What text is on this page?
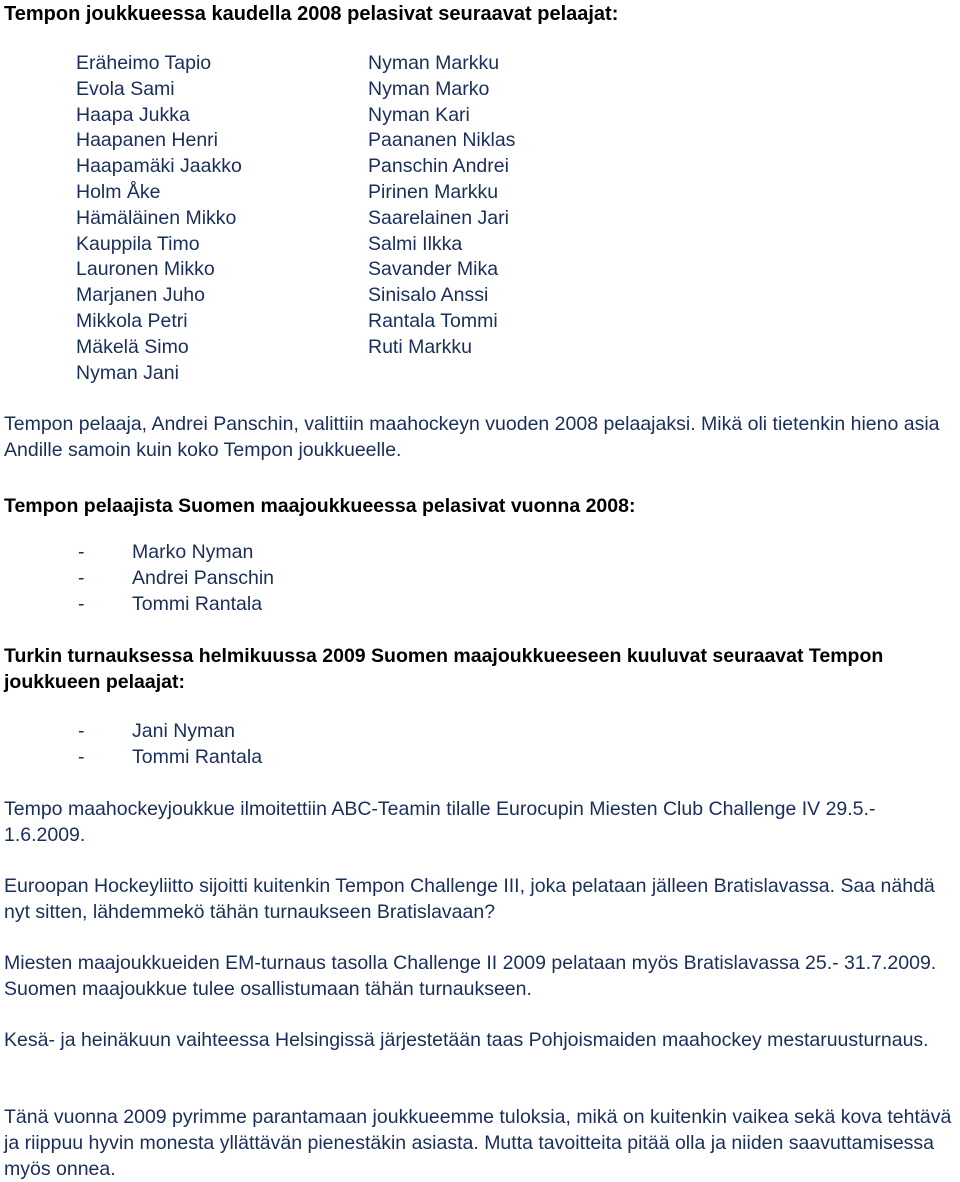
Tempon joukkueessa kaudella 2008 pelasivat seuraavat pelaajat:
Eräheimo Tapio
Evola Sami
Haapa Jukka
Haapanen Henri
Haapamäki Jaakko
Holm Åke
Hämäläinen Mikko
Kauppila Timo
Lauronen Mikko
Marjanen Juho
Mikkola Petri
Mäkelä Simo
Nyman Jani
Nyman Markku
Nyman Marko
Nyman Kari
Paananen Niklas
Panschin Andrei
Pirinen Markku
Saarelainen Jari
Salmi Ilkka
Savander Mika
Sinisalo Anssi
Rantala Tommi
Ruti Markku

Tempon pelaaja, Andrei Panschin, valittiin maahockeyn vuoden 2008 pelaajaksi. Mikä oli tietenkin hieno asia Andille samoin kuin koko Tempon joukkueelle.

Tempon pelaajista Suomen maajoukkueessa pelasivat vuonna 2008:

- Marko Nyman
- Andrei Panschin
- Tommi Rantala

Turkin turnauksessa helmikuussa 2009 Suomen maajoukkueeseen kuuluvat seuraavat Tempon joukkueen pelaajat:

- Jani Nyman
- Tommi Rantala

Tempo maahockeyjoukkue ilmoitettiin ABC-Teamin tilalle Eurocupin Miesten Club Challenge IV 29.5.- 1.6.2009.

Euroopan Hockeyliitto sijoitti kuitenkin Tempon Challenge III, joka pelataan jälleen Bratislavassa. Saa nähdä nyt sitten, lähdemmekö tähän turnaukseen Bratislavaan?

Miesten maajoukkueiden EM-turnaus tasolla Challenge II 2009 pelataan myös Bratislavassa 25.- 31.7.2009. Suomen maajoukkue tulee osallistumaan tähän turnaukseen.

Kesä- ja heinäkuun vaihteessa Helsingissä järjestetään taas Pohjoismaiden maahockey mestaruusturnaus.

Tänä vuonna 2009 pyrimme parantamaan joukkueemme tuloksia, mikä on kuitenkin vaikea sekä kova tehtävä ja riippuu hyvin monesta yllättävän pienestäkin asiasta. Mutta tavoitteita pitää olla ja niiden saavuttamisessa myös onnea.
